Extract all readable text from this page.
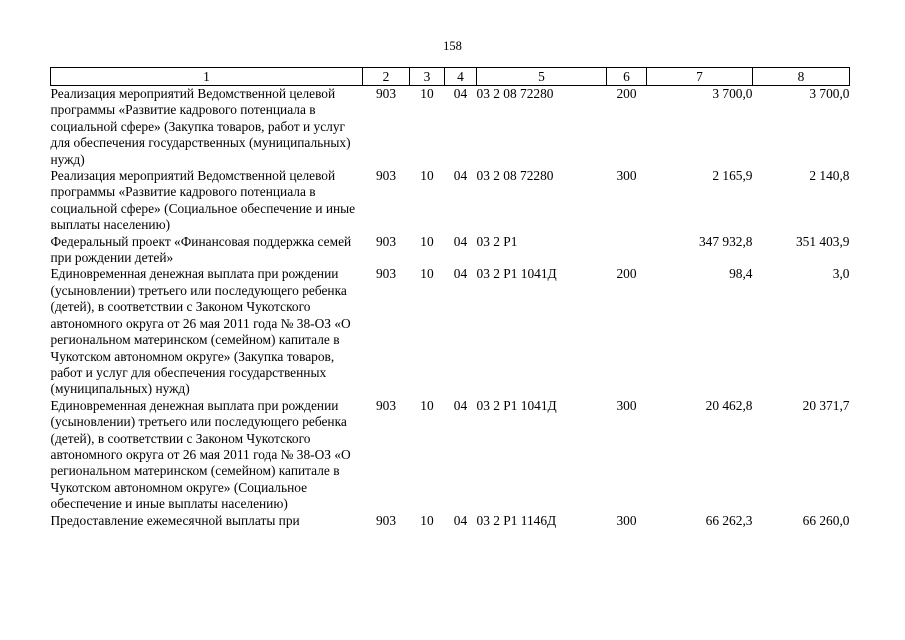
158
1	2	3	4	5	6	7	8
Реализация мероприятий Ведомственной целевой программы «Развитие кадрового потенциала в социальной сфере» (Закупка товаров, работ и услуг для обеспечения государственных (муниципальных) нужд)	903	10	04	03 2 08 72280	200	3 700,0	3 700,0
Реализация мероприятий Ведомственной целевой программы «Развитие кадрового потенциала в социальной сфере» (Социальное обеспечение и иные выплаты населению)	903	10	04	03 2 08 72280	300	2 165,9	2 140,8
Федеральный проект «Финансовая поддержка семей при рождении детей»	903	10	04	03 2 P1		347 932,8	351 403,9
Единовременная денежная выплата при рождении (усыновлении) третьего или последующего ребенка (детей), в соответствии с Законом Чукотского автономного округа от 26 мая 2011 года № 38-ОЗ «О региональном материнском (семейном) капитале в Чукотском автономном округе» (Закупка товаров, работ и услуг для обеспечения государственных (муниципальных) нужд)	903	10	04	03 2 P1 1041Д	200	98,4	3,0
Единовременная денежная выплата при рождении (усыновлении) третьего или последующего ребенка (детей), в соответствии с Законом Чукотского автономного округа от 26 мая 2011 года № 38-ОЗ «О региональном материнском (семейном) капитале в Чукотском автономном округе» (Социальное обеспечение и иные выплаты населению)	903	10	04	03 2 P1 1041Д	300	20 462,8	20 371,7
Предоставление ежемесячной выплаты при	903	10	04	03 2 P1 1146Д	300	66 262,3	66 260,0
